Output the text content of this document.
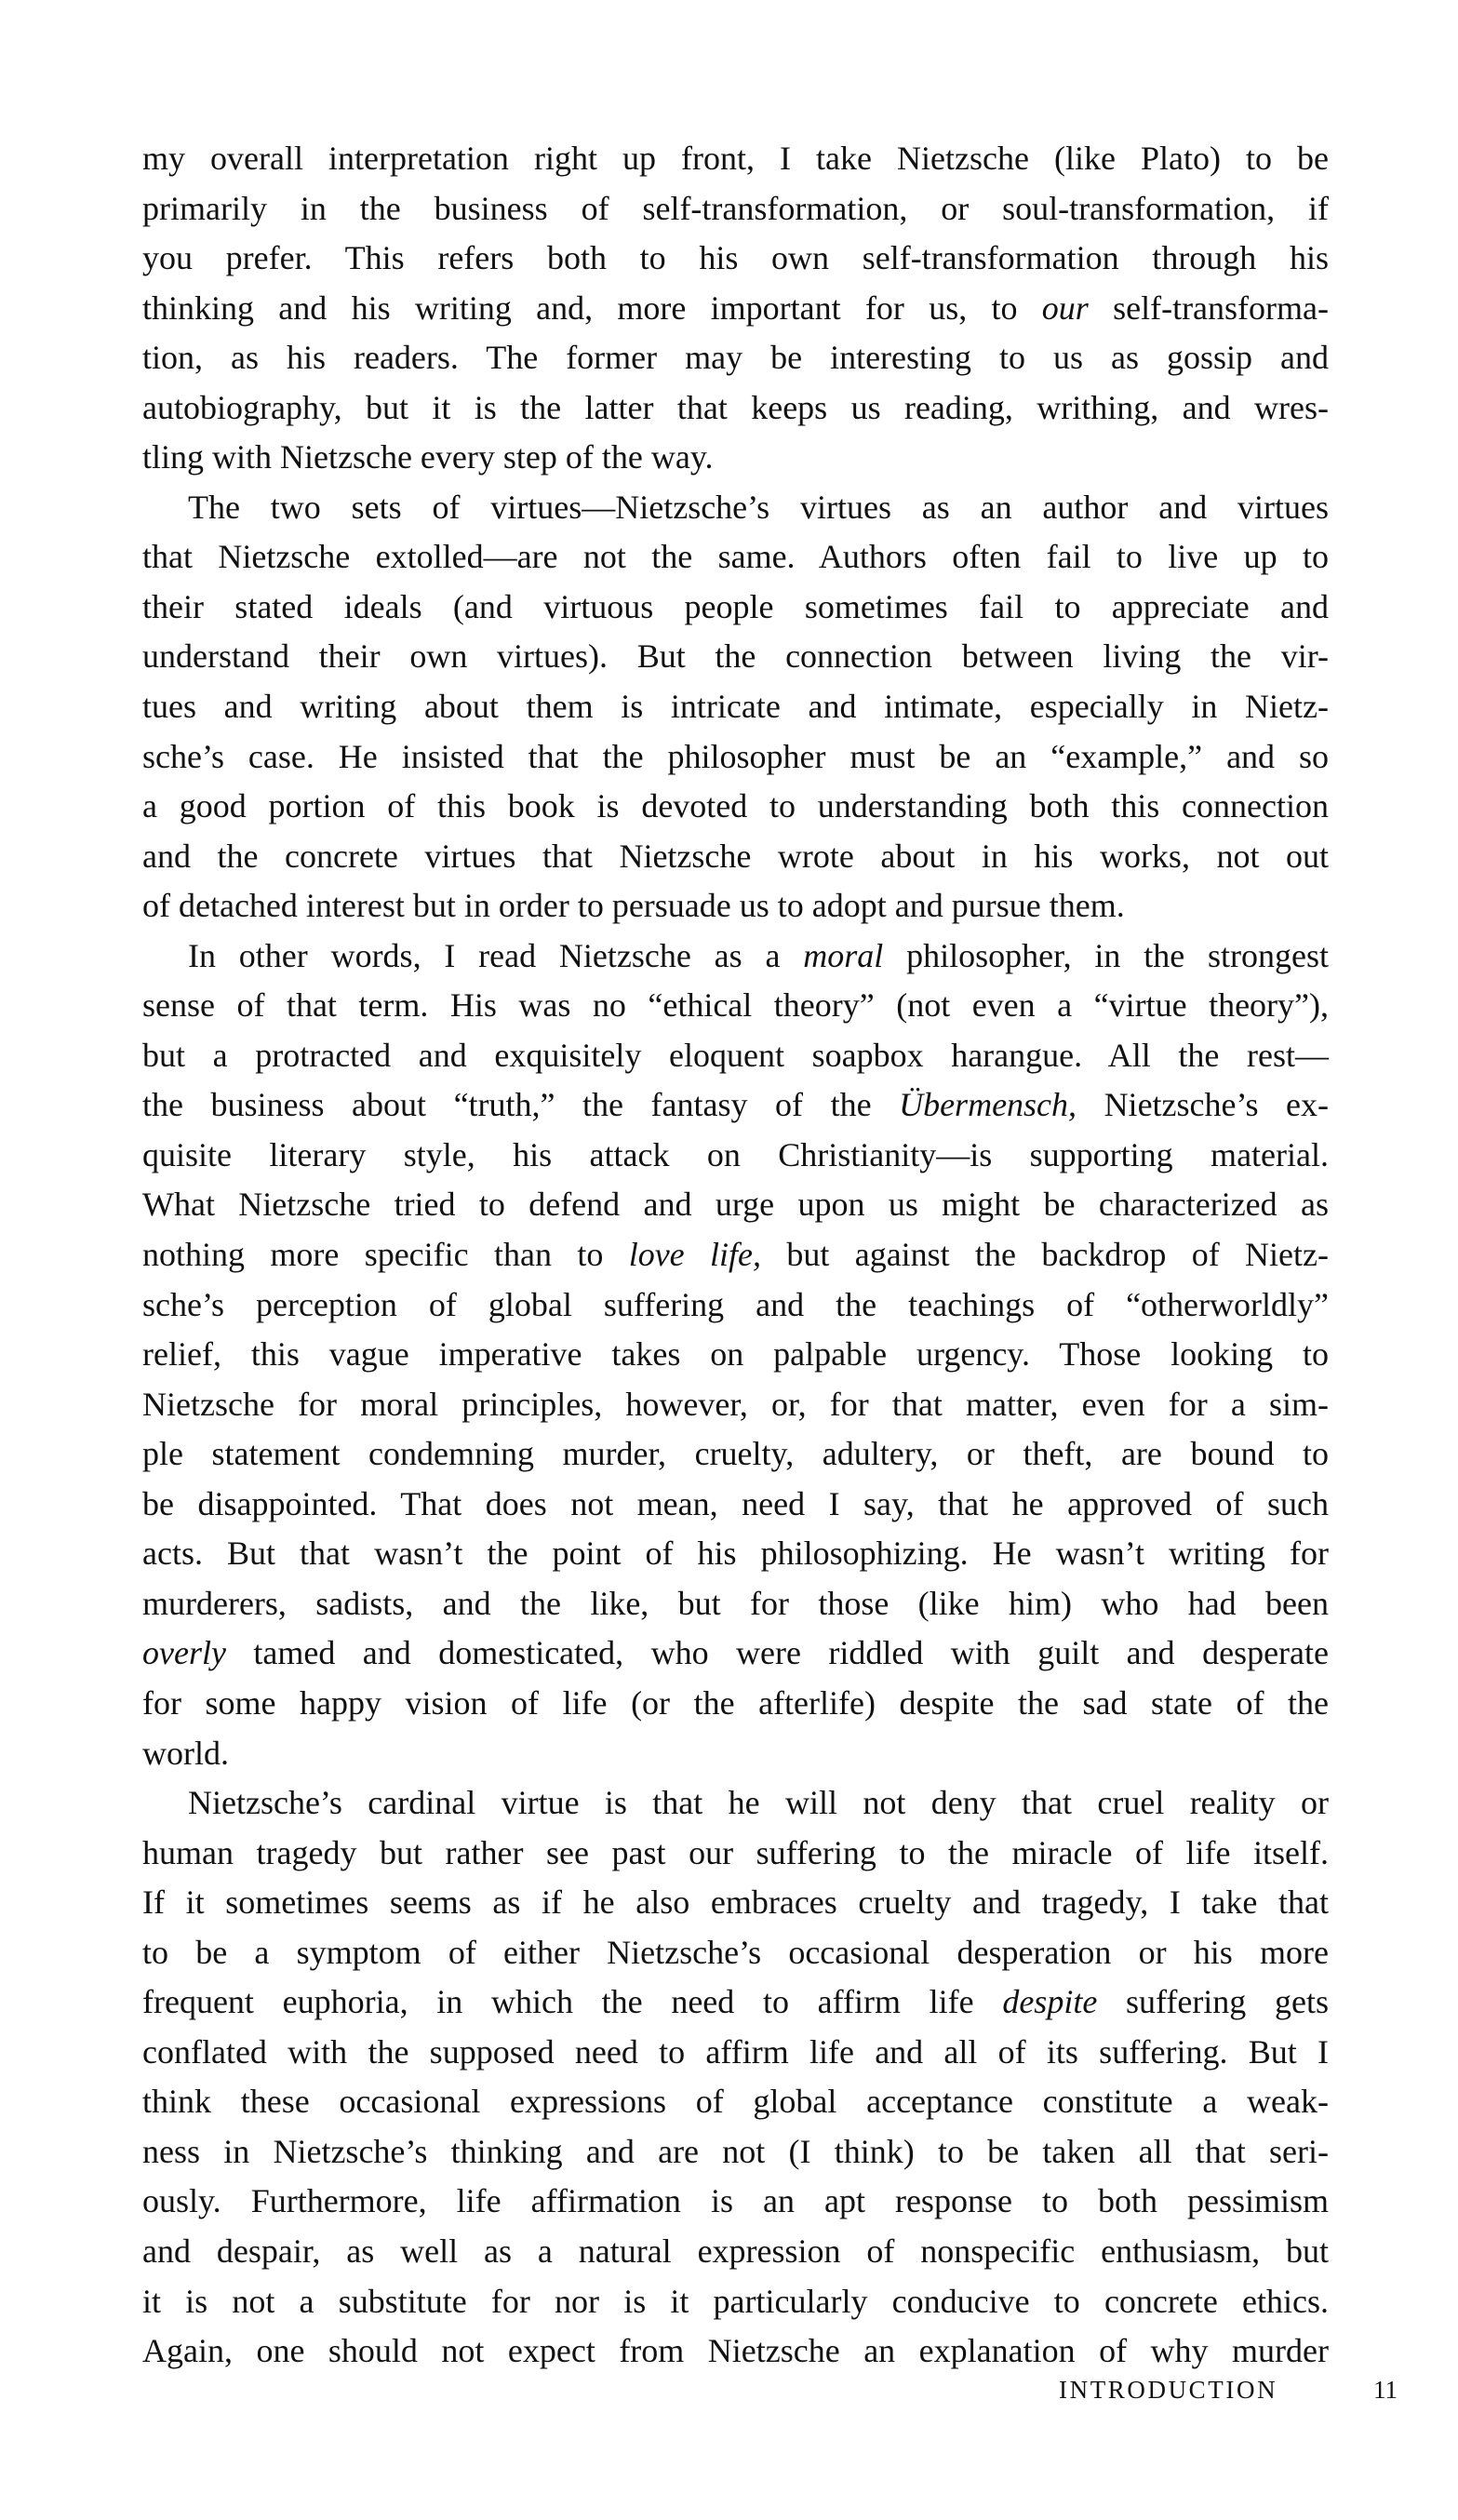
my overall interpretation right up front, I take Nietzsche (like Plato) to be
primarily in the business of self-transformation, or soul-transformation, if
you prefer. This refers both to his own self-transformation through his
thinking and his writing and, more important for us, to our self-transforma-
tion, as his readers. The former may be interesting to us as gossip and
autobiography, but it is the latter that keeps us reading, writhing, and wres-
tling with Nietzsche every step of the way.
The two sets of virtues—Nietzsche’s virtues as an author and virtues
that Nietzsche extolled—are not the same. Authors often fail to live up to
their stated ideals (and virtuous people sometimes fail to appreciate and
understand their own virtues). But the connection between living the vir-
tues and writing about them is intricate and intimate, especially in Nietz-
sche’s case. He insisted that the philosopher must be an “example,” and so
a good portion of this book is devoted to understanding both this connection
and the concrete virtues that Nietzsche wrote about in his works, not out
of detached interest but in order to persuade us to adopt and pursue them.
In other words, I read Nietzsche as a moral philosopher, in the strongest
sense of that term. His was no “ethical theory” (not even a “virtue theory”),
but a protracted and exquisitely eloquent soapbox harangue. All the rest—
the business about “truth,” the fantasy of the Übermensch, Nietzsche’s ex-
quisite literary style, his attack on Christianity—is supporting material.
What Nietzsche tried to defend and urge upon us might be characterized as
nothing more specific than to love life, but against the backdrop of Nietz-
sche’s perception of global suffering and the teachings of “otherworldly”
relief, this vague imperative takes on palpable urgency. Those looking to
Nietzsche for moral principles, however, or, for that matter, even for a sim-
ple statement condemning murder, cruelty, adultery, or theft, are bound to
be disappointed. That does not mean, need I say, that he approved of such
acts. But that wasn’t the point of his philosophizing. He wasn’t writing for
murderers, sadists, and the like, but for those (like him) who had been
overly tamed and domesticated, who were riddled with guilt and desperate
for some happy vision of life (or the afterlife) despite the sad state of the
world.
Nietzsche’s cardinal virtue is that he will not deny that cruel reality or
human tragedy but rather see past our suffering to the miracle of life itself.
If it sometimes seems as if he also embraces cruelty and tragedy, I take that
to be a symptom of either Nietzsche’s occasional desperation or his more
frequent euphoria, in which the need to affirm life despite suffering gets
conflated with the supposed need to affirm life and all of its suffering. But I
think these occasional expressions of global acceptance constitute a weak-
ness in Nietzsche’s thinking and are not (I think) to be taken all that seri-
ously. Furthermore, life affirmation is an apt response to both pessimism
and despair, as well as a natural expression of nonspecific enthusiasm, but
it is not a substitute for nor is it particularly conducive to concrete ethics.
Again, one should not expect from Nietzsche an explanation of why murder
INTRODUCTION	11
